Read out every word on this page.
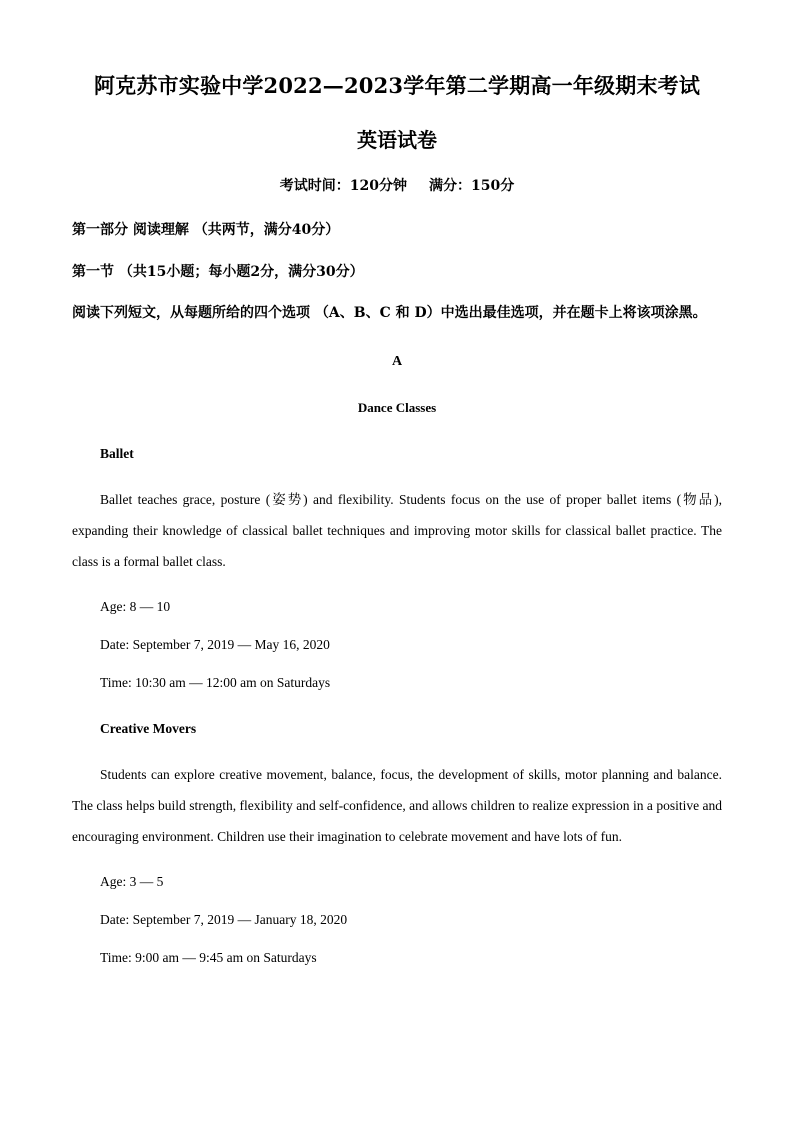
阿克苏市实验中学2022—2023学年第二学期高一年级期末考试
英语试卷
考试时间：120分钟 满分：150分
第一部分 阅读理解 （共两节，满分40分）
第一节 （共15小题；每小题2分，满分30分）
阅读下列短文，从每题所给的四个选项 （A、B、C 和 D）中选出最佳选项，并在题卡上将该项涂黑。
A
Dance Classes
Ballet
Ballet teaches grace, posture (姿势) and flexibility. Students focus on the use of proper ballet items (物品), expanding their knowledge of classical ballet techniques and improving motor skills for classical ballet practice. The class is a formal ballet class.
Age: 8 — 10
Date: September 7, 2019 — May 16, 2020
Time: 10:30 am — 12:00 am on Saturdays
Creative Movers
Students can explore creative movement, balance, focus, the development of skills, motor planning and balance. The class helps build strength, flexibility and self-confidence, and allows children to realize expression in a positive and encouraging environment. Children use their imagination to celebrate movement and have lots of fun.
Age: 3 — 5
Date: September 7, 2019 — January 18, 2020
Time: 9:00 am — 9:45 am on Saturdays
